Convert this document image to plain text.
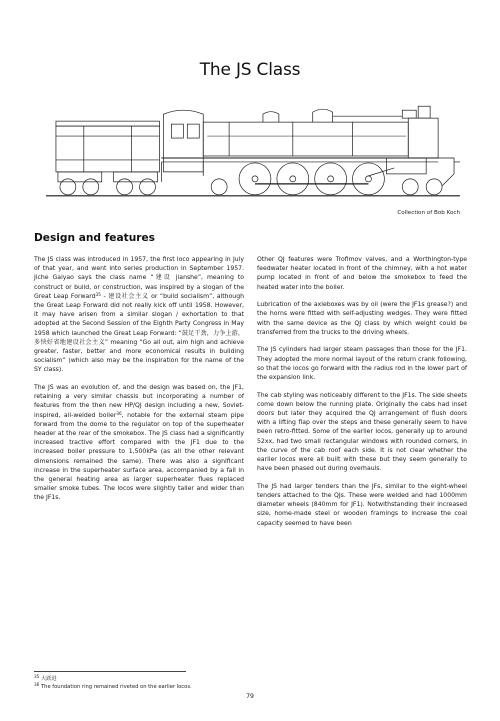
The JS Class
Collection of Bob Koch
Design and features

The JS class was introduced in 1957, the first loco appearing in July of that year, and went into series production in September 1957. Jiche Gaiyao says the class name “建设 jianshe”, meaning to construct or build, or construction, was inspired by a slogan of the Great Leap Forward$^{35}$ - 建设社会主义 or “build socialism”, although the Great Leap Forward did not really kick off until 1958. However, it may have arisen from a similar slogan / exhortation to that adopted at the Second Session of the Eighth Party Congress in May 1958 which launched the Great Leap Forward: “鼓足干劲，力争上游，多快好省地建设社会主义” meaning “Go all out, aim high and achieve greater, faster, better and more economical results in building socialism” (which also may be the inspiration for the name of the SY class).

The JS was an evolution of, and the design was based on, the JF1, retaining a very similar chassis but incorporating a number of features from the then new HP/QJ design including a new, Soviet-inspired, all-welded boiler$^{36}$, notable for the external steam pipe forward from the dome to the regulator on top of the superheater header at the rear of the smokebox. The JS class had a significantly increased tractive effort compared with the JF1 due to the increased boiler pressure to 1,500kPa (as all the other relevant dimensions remained the same). There was also a significant increase in the superheater surface area, accompanied by a fall in the general heating area as larger superheater flues replaced smaller smoke tubes. The locos were slightly taller and wider than the JF1s.

Other QJ features were Trofimov valves, and a Worthington-type feedwater heater located in front of the chimney, with a hot water pump located in front of and below the smokebox to feed the heated water into the boiler.

Lubrication of the axleboxes was by oil (were the JF1s grease?) and the horns were fitted with self-adjusting wedges. They were fitted with the same device as the QJ class by which weight could be transferred from the trucks to the driving wheels.

The JS cylinders had larger steam passages than those for the JF1. They adopted the more normal layout of the return crank following, so that the locos go forward with the radius rod in the lower part of the expansion link.

The cab styling was noticeably different to the JF1s. The side sheets come down below the running plate. Originally the cabs had inset doors but later they acquired the QJ arrangement of flush doors with a lifting flap over the steps and these generally seem to have been retro-fitted. Some of the earlier locos, generally up to around 52xx, had two small rectangular windows with rounded corners, in the curve of the cab roof each side. It is not clear whether the earlier locos were all built with these but they seem generally to have been phased out during overhauls.

The JS had larger tenders than the JFs, similar to the eight-wheel tenders attached to the QJs. These were welded and had 1000mm diameter wheels (840mm for JF1). Notwithstanding their increased size, home-made steel or wooden framings to increase the coal capacity seemed to have been

$^{35}$ 大跃进
$^{36}$ The foundation ring remained riveted on the earlier locos.
79
